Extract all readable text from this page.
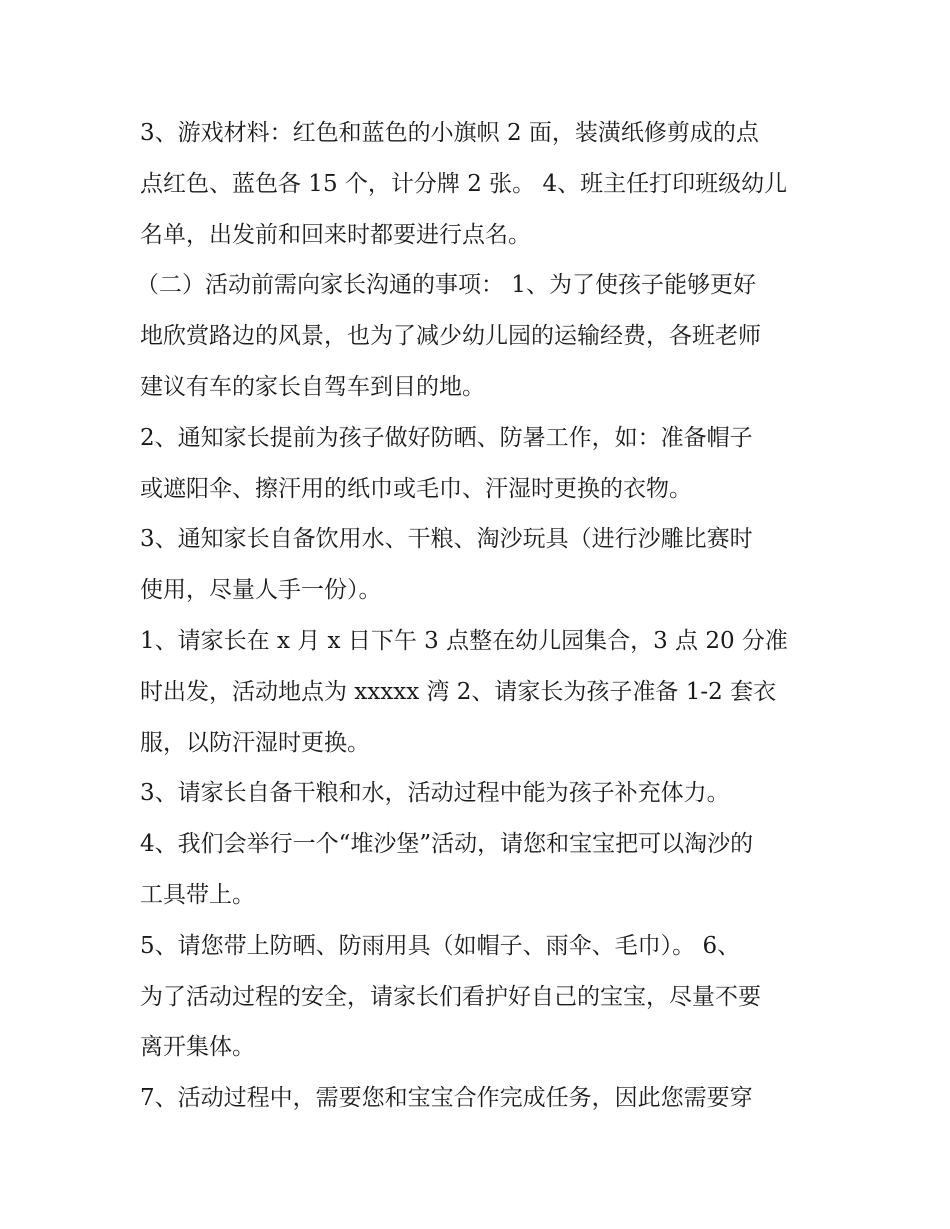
3、游戏材料：红色和蓝色的小旗帜 2 面，装潢纸修剪成的点
点红色、蓝色各 15 个，计分牌 2 张。 4、班主任打印班级幼儿
名单，出发前和回来时都要进行点名。
（二）活动前需向家长沟通的事项： 1、为了使孩子能够更好
地欣赏路边的风景，也为了减少幼儿园的运输经费，各班老师
建议有车的家长自驾车到目的地。
2、通知家长提前为孩子做好防晒、防暑工作，如：准备帽子
或遮阳伞、擦汗用的纸巾或毛巾、汗湿时更换的衣物。
3、通知家长自备饮用水、干粮、淘沙玩具（进行沙雕比赛时
使用，尽量人手一份）。
1、请家长在 x 月 x 日下午 3 点整在幼儿园集合，3 点 20 分准
时出发，活动地点为 xxxxx 湾 2、请家长为孩子准备 1-2 套衣
服，以防汗湿时更换。
3、请家长自备干粮和水，活动过程中能为孩子补充体力。
4、我们会举行一个“堆沙堡”活动，请您和宝宝把可以淘沙的
工具带上。
5、请您带上防晒、防雨用具（如帽子、雨伞、毛巾）。 6、
为了活动过程的安全，请家长们看护好自己的宝宝，尽量不要
离开集体。
7、活动过程中，需要您和宝宝合作完成任务，因此您需要穿
